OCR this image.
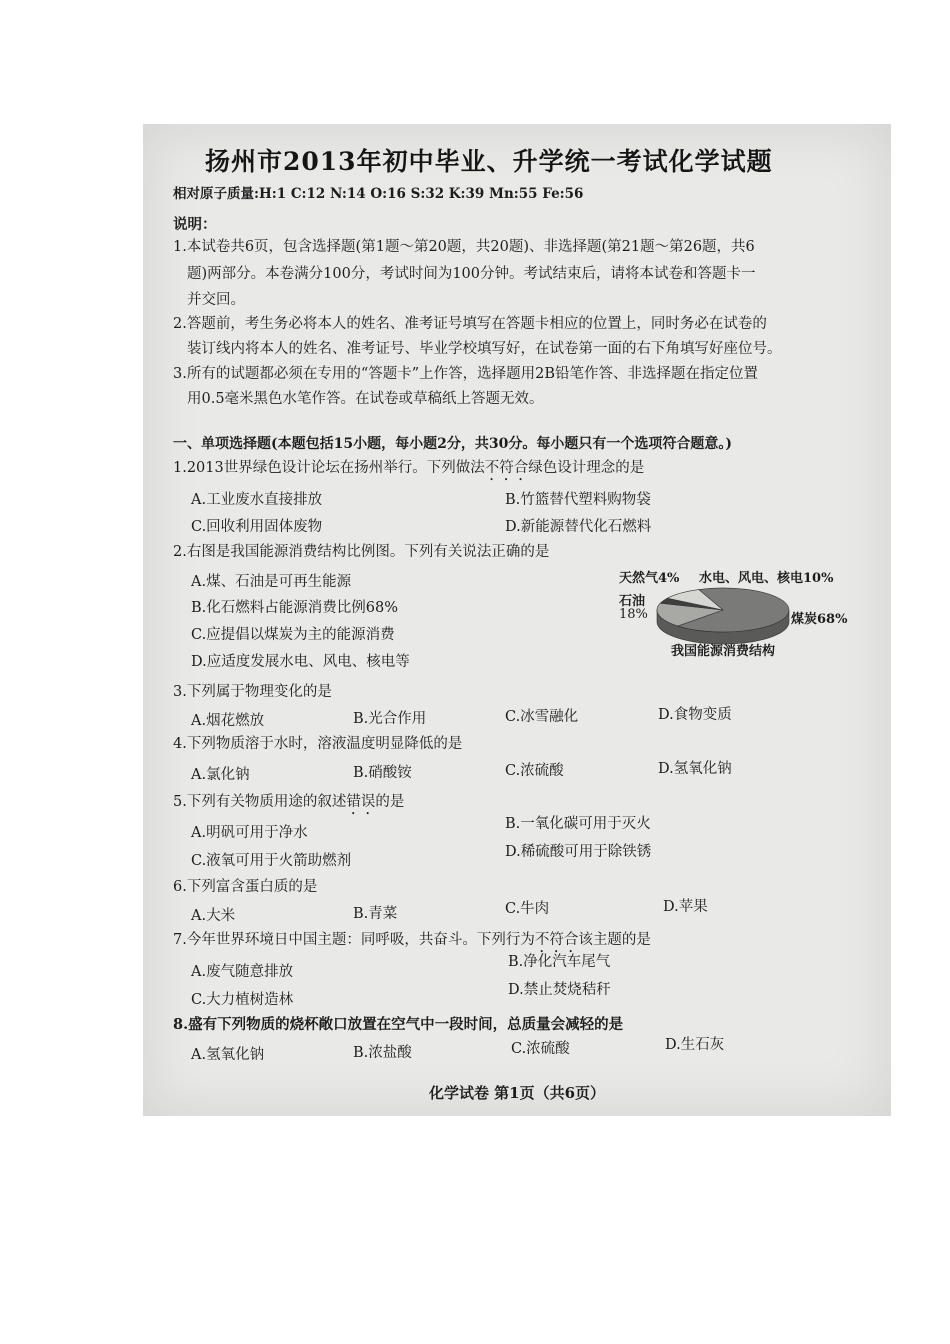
扬州市2013年初中毕业、升学统一考试化学试题
相对原子质量:H:1 C:12 N:14 O:16 S:32 K:39 Mn:55 Fe:56
说明：
1.本试卷共6页，包含选择题(第1题～第20题，共20题)、非选择题(第21题～第26题，共6
题)两部分。本卷满分100分，考试时间为100分钟。考试结束后，请将本试卷和答题卡一
并交回。
2.答题前，考生务必将本人的姓名、准考证号填写在答题卡相应的位置上，同时务必在试卷的
装订线内将本人的姓名、准考证号、毕业学校填写好，在试卷第一面的右下角填写好座位号。
3.所有的试题都必须在专用的“答题卡”上作答，选择题用2B铅笔作答、非选择题在指定位置
用0.5毫米黑色水笔作答。在试卷或草稿纸上答题无效。
一、单项选择题(本题包括15小题，每小题2分，共30分。每小题只有一个选项符合题意。)
1.2013世界绿色设计论坛在扬州举行。下列做法不符合绿色设计理念的是
A.工业废水直接排放	B.竹篮替代塑料购物袋
C.回收利用固体废物	D.新能源替代化石燃料
2.右图是我国能源消费结构比例图。下列有关说法正确的是
A.煤、石油是可再生能源
B.化石燃料占能源消费比例68%
C.应提倡以煤炭为主的能源消费
D.应适度发展水电、风电、核电等
天然气4% 水电、风电、核电10%
石油
18%	煤炭68%
我国能源消费结构
3.下列属于物理变化的是
A.烟花燃放	B.光合作用	C.冰雪融化	D.食物变质
4.下列物质溶于水时，溶液温度明显降低的是
A.氯化钠	B.硝酸铵	C.浓硫酸	D.氢氧化钠
5.下列有关物质用途的叙述错误的是
A.明矾可用于净水
B.一氧化碳可用于灭火
C.液氧可用于火箭助燃剂
D.稀硫酸可用于除铁锈
6.下列富含蛋白质的是
A.大米	B.青菜	C.牛肉	D.苹果
7.今年世界环境日中国主题：同呼吸，共奋斗。下列行为不符合该主题的是
A.废气随意排放
B.净化汽车尾气
C.大力植树造林
D.禁止焚烧秸秆
8.盛有下列物质的烧杯敞口放置在空气中一段时间，总质量会减轻的是
A.氢氧化钠	B.浓盐酸	C.浓硫酸	D.生石灰
化学试卷 第1页（共6页）
